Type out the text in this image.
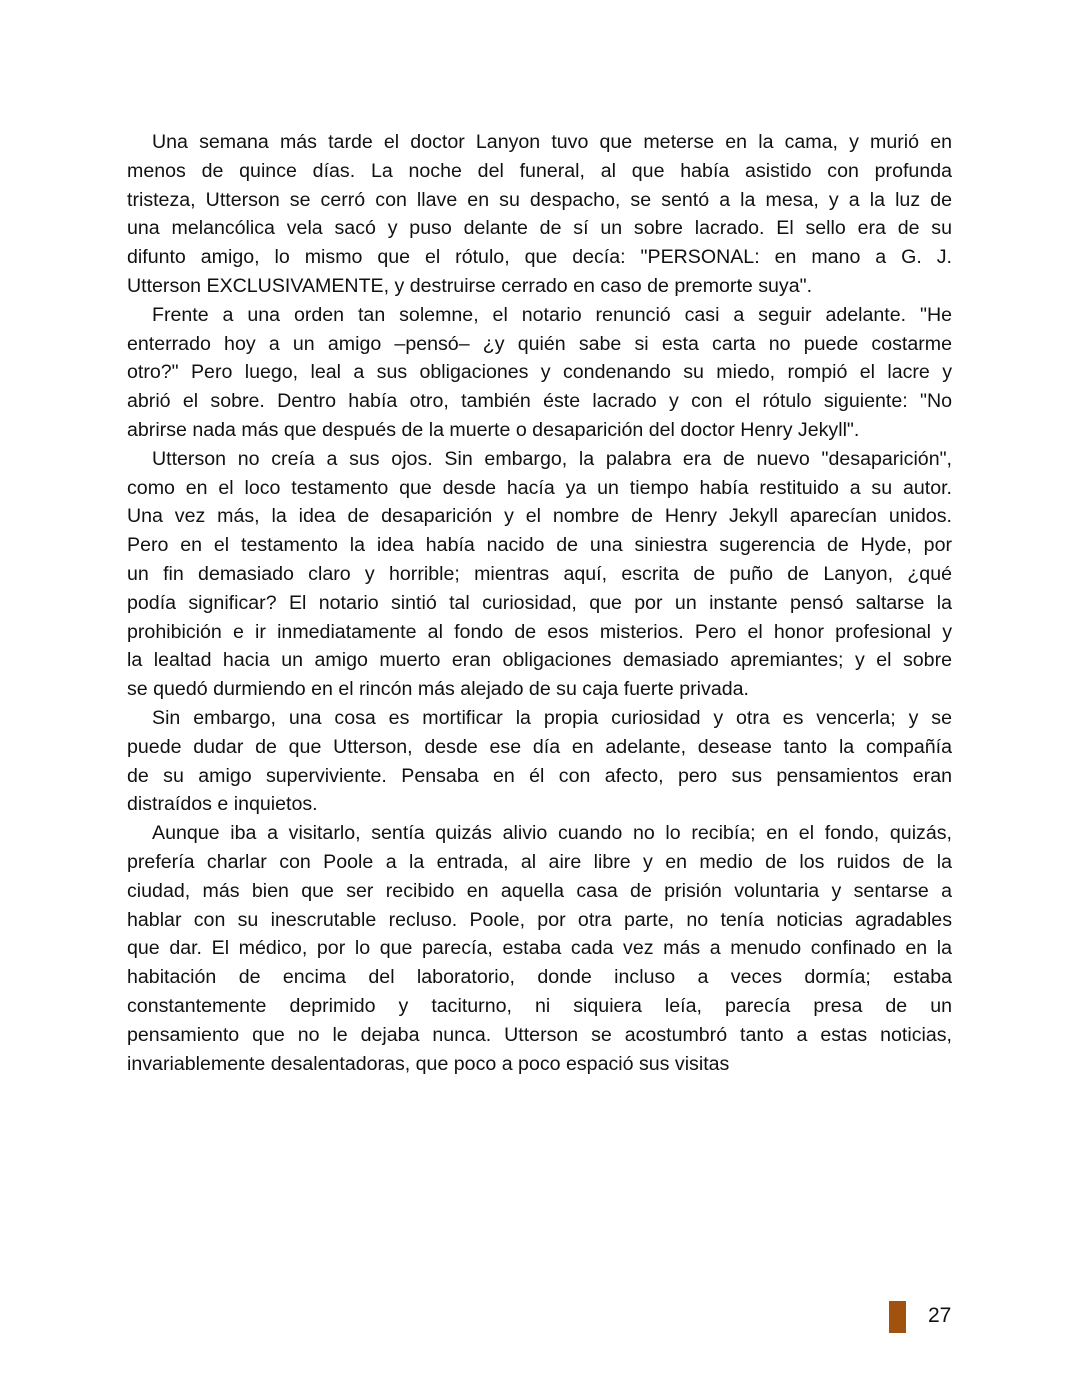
Una semana más tarde el doctor Lanyon tuvo que meterse en la cama, y murió en
menos de quince días. La noche del funeral, al que había asistido con profunda
tristeza, Utterson se cerró con llave en su despacho, se sentó a la mesa, y a la luz de
una melancólica vela sacó y puso delante de sí un sobre lacrado. El sello era de su
difunto amigo, lo mismo que el rótulo, que decía: "PERSONAL: en mano a G. J.
Utterson EXCLUSIVAMENTE, y destruirse cerrado en caso de premorte suya".
Frente a una orden tan solemne, el notario renunció casi a seguir adelante. "He
enterrado hoy a un amigo –pensó– ¿y quién sabe si esta carta no puede costarme
otro?" Pero luego, leal a sus obligaciones y condenando su miedo, rompió el lacre y
abrió el sobre. Dentro había otro, también éste lacrado y con el rótulo siguiente: "No
abrirse nada más que después de la muerte o desaparición del doctor Henry Jekyll".
Utterson no creía a sus ojos. Sin embargo, la palabra era de nuevo "desaparición",
como en el loco testamento que desde hacía ya un tiempo había restituido a su autor.
Una vez más, la idea de desaparición y el nombre de Henry Jekyll aparecían unidos.
Pero en el testamento la idea había nacido de una siniestra sugerencia de Hyde, por
un fin demasiado claro y horrible; mientras aquí, escrita de puño de Lanyon, ¿qué
podía significar? El notario sintió tal curiosidad, que por un instante pensó saltarse la
prohibición e ir inmediatamente al fondo de esos misterios. Pero el honor profesional y
la lealtad hacia un amigo muerto eran obligaciones demasiado apremiantes; y el sobre
se quedó durmiendo en el rincón más alejado de su caja fuerte privada.
Sin embargo, una cosa es mortificar la propia curiosidad y otra es vencerla; y se
puede dudar de que Utterson, desde ese día en adelante, desease tanto la compañía
de su amigo superviviente. Pensaba en él con afecto, pero sus pensamientos eran
distraídos e inquietos.
Aunque iba a visitarlo, sentía quizás alivio cuando no lo recibía; en el fondo, quizás,
prefería charlar con Poole a la entrada, al aire libre y en medio de los ruidos de la
ciudad, más bien que ser recibido en aquella casa de prisión voluntaria y sentarse a
hablar con su inescrutable recluso. Poole, por otra parte, no tenía noticias agradables
que dar. El médico, por lo que parecía, estaba cada vez más a menudo confinado en la
habitación de encima del laboratorio, donde incluso a veces dormía; estaba
constantemente deprimido y taciturno, ni siquiera leía, parecía presa de un
pensamiento que no le dejaba nunca. Utterson se acostumbró tanto a estas noticias,
invariablemente desalentadoras, que poco a poco espació sus visitas
27
